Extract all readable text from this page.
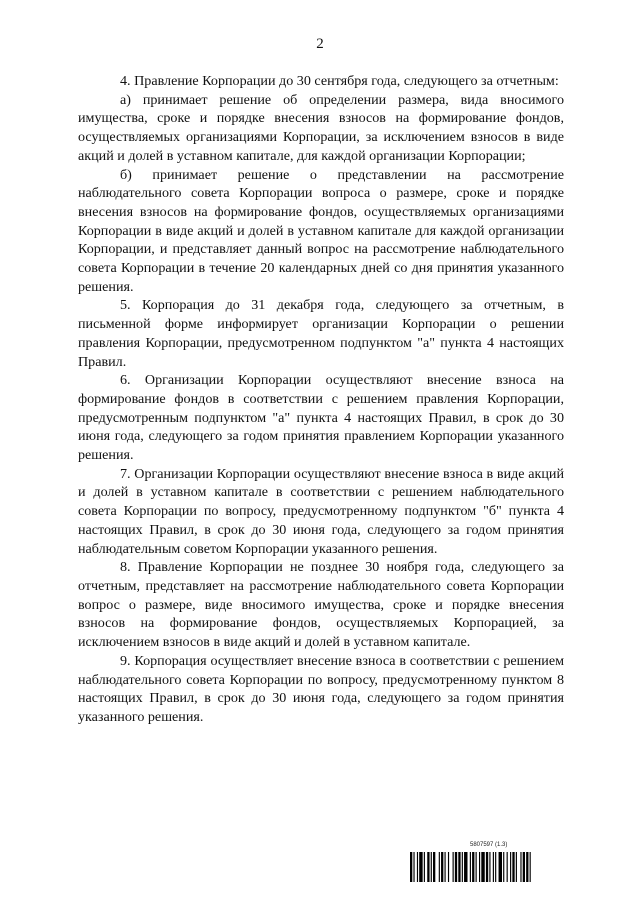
2

4. Правление Корпорации до 30 сентября года, следующего за отчетным:

а) принимает решение об определении размера, вида вносимого имущества, сроке и порядке внесения взносов на формирование фондов, осуществляемых организациями Корпорации, за исключением взносов в виде акций и долей в уставном капитале, для каждой организации Корпорации;

б) принимает решение о представлении на рассмотрение наблюдательного совета Корпорации вопроса о размере, сроке и порядке внесения взносов на формирование фондов, осуществляемых организациями Корпорации в виде акций и долей в уставном капитале для каждой организации Корпорации, и представляет данный вопрос на рассмотрение наблюдательного совета Корпорации в течение 20 календарных дней со дня принятия указанного решения.

5. Корпорация до 31 декабря года, следующего за отчетным, в письменной форме информирует организации Корпорации о решении правления Корпорации, предусмотренном подпунктом "а" пункта 4 настоящих Правил.

6. Организации Корпорации осуществляют внесение взноса на формирование фондов в соответствии с решением правления Корпорации, предусмотренным подпунктом "а" пункта 4 настоящих Правил, в срок до 30 июня года, следующего за годом принятия правлением Корпорации указанного решения.

7. Организации Корпорации осуществляют внесение взноса в виде акций и долей в уставном капитале в соответствии с решением наблюдательного совета Корпорации по вопросу, предусмотренному подпунктом "б" пункта 4 настоящих Правил, в срок до 30 июня года, следующего за годом принятия наблюдательным советом Корпорации указанного решения.

8. Правление Корпорации не позднее 30 ноября года, следующего за отчетным, представляет на рассмотрение наблюдательного совета Корпорации вопрос о размере, виде вносимого имущества, сроке и порядке внесения взносов на формирование фондов, осуществляемых Корпорацией, за исключением взносов в виде акций и долей в уставном капитале.

9. Корпорация осуществляет внесение взноса в соответствии с решением наблюдательного совета Корпорации по вопросу, предусмотренному пунктом 8 настоящих Правил, в срок до 30 июня года, следующего за годом принятия указанного решения.

5807597 (1.3)
